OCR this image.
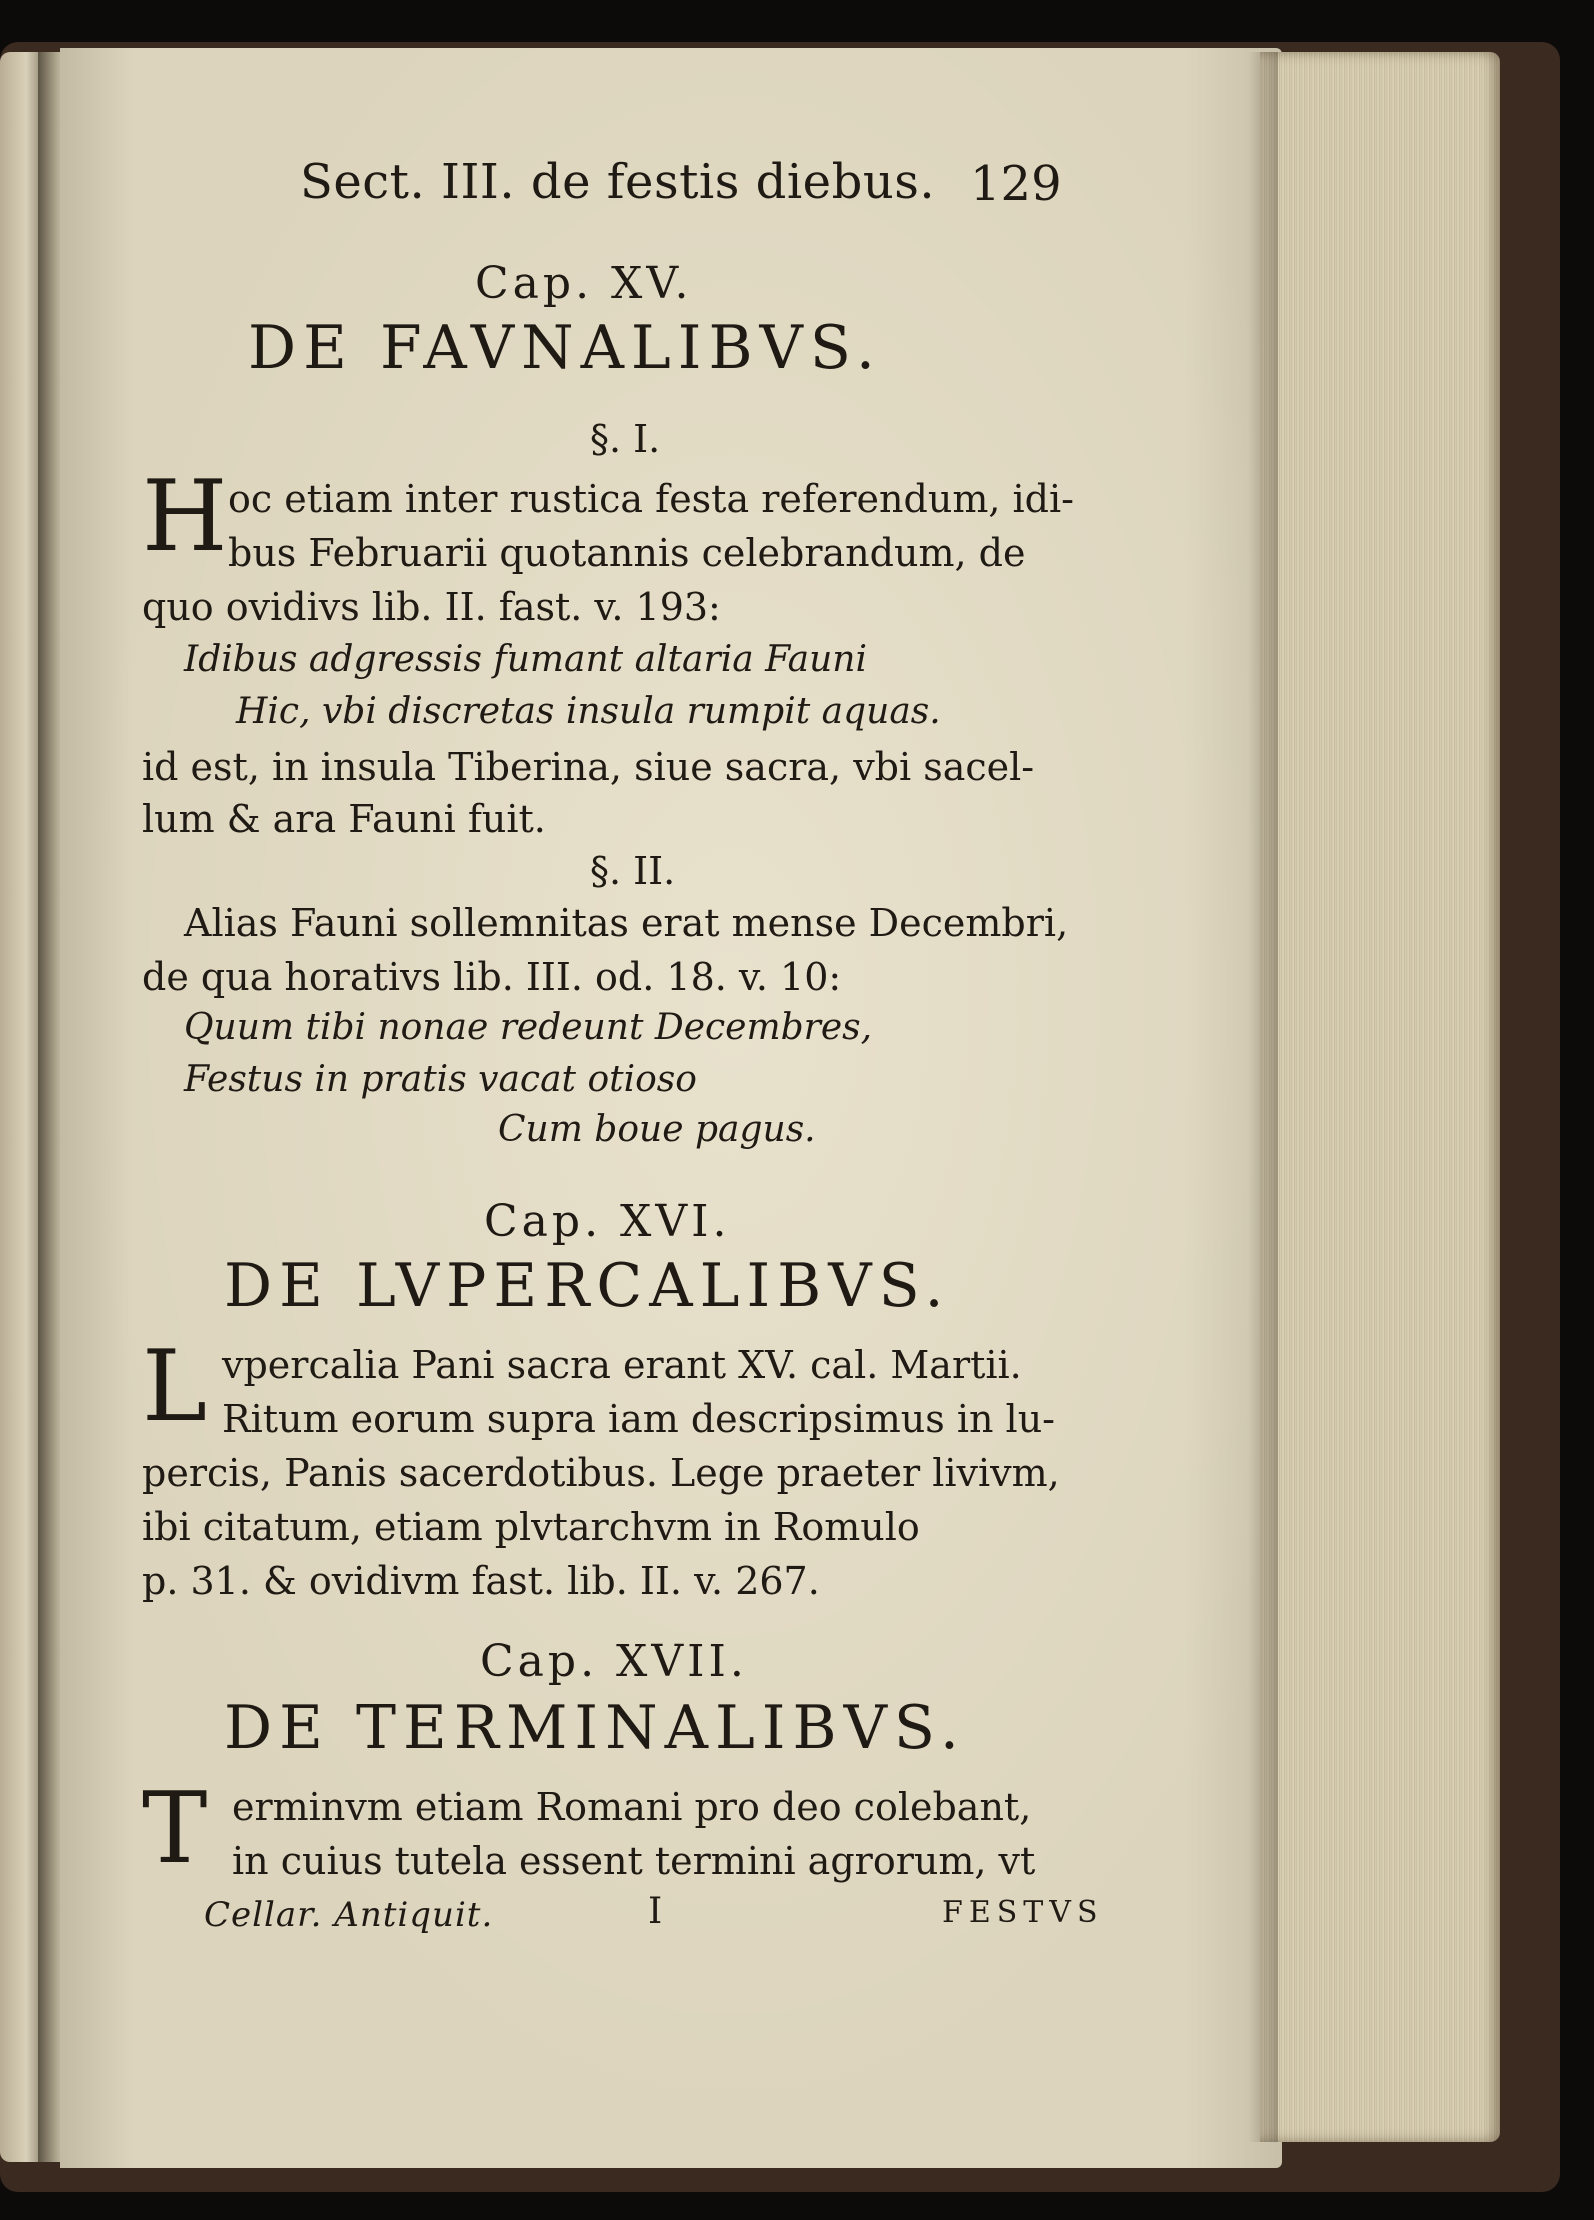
Sect. III. de festis diebus. 129
Cap. XV.
DE FAVNALIBVS.
§. I.
H oc etiam inter rustica festa referendum, idi-
bus Februarii quotannis celebrandum, de
quo ovidivs lib. II. fast. v. 193:
Idibus adgressis fumant altaria Fauni
Hic, vbi discretas insula rumpit aquas.
id est, in insula Tiberina, siue sacra, vbi sacel-
lum & ara Fauni fuit.
§. II.
Alias Fauni sollemnitas erat mense Decembri,
de qua horativs lib. III. od. 18. v. 10:
Quum tibi nonae redeunt Decembres,
Festus in pratis vacat otioso
Cum boue pagus.
Cap. XVI.
DE LVPERCALIBVS.
L vpercalia Pani sacra erant XV. cal. Martii.
Ritum eorum supra iam descripsimus in lu-
percis, Panis sacerdotibus. Lege praeter livivm,
ibi citatum, etiam plvtarchvm in Romulo
p. 31. & ovidivm fast. lib. II. v. 267.
Cap. XVII.
DE TERMINALIBVS.
T erminvm etiam Romani pro deo colebant,
in cuius tutela essent termini agrorum, vt
Cellar. Antiquit.	I	FESTVS
